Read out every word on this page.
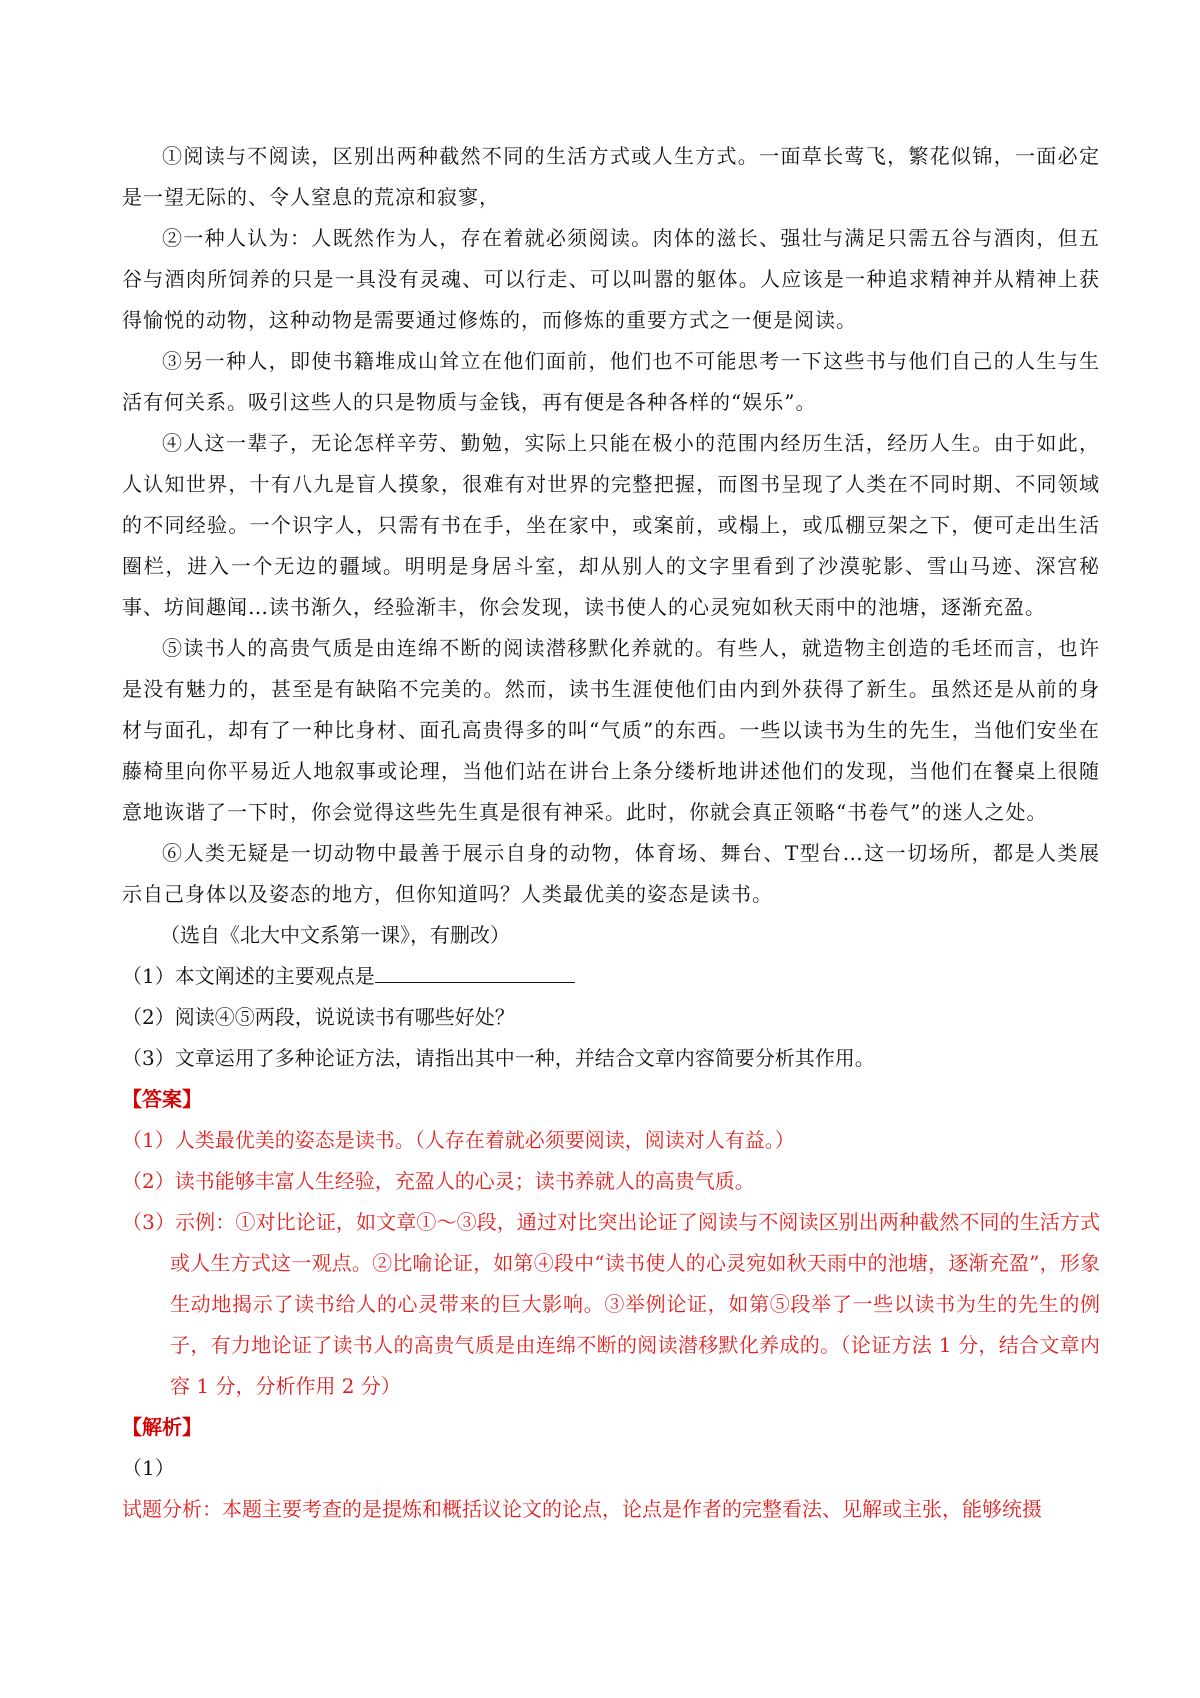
①阅读与不阅读，区别出两种截然不同的生活方式或人生方式。一面草长莺飞，繁花似锦，一面必定是一望无际的、令人窒息的荒凉和寂寥，

②一种人认为：人既然作为人，存在着就必须阅读。肉体的滋长、强壮与满足只需五谷与酒肉，但五谷与酒肉所饲养的只是一具没有灵魂、可以行走、可以叫嚣的躯体。人应该是一种追求精神并从精神上获得愉悦的动物，这种动物是需要通过修炼的，而修炼的重要方式之一便是阅读。

③另一种人，即使书籍堆成山耸立在他们面前，他们也不可能思考一下这些书与他们自己的人生与生活有何关系。吸引这些人的只是物质与金钱，再有便是各种各样的“娱乐”。

④人这一辈子，无论怎样辛劳、勤勉，实际上只能在极小的范围内经历生活，经历人生。由于如此，人认知世界，十有八九是盲人摸象，很难有对世界的完整把握，而图书呈现了人类在不同时期、不同领域的不同经验。一个识字人，只需有书在手，坐在家中，或案前，或榻上，或瓜棚豆架之下，便可走出生活圈栏，进入一个无边的疆域。明明是身居斗室，却从别人的文字里看到了沙漠驼影、雪山马迹、深宫秘事、坊间趣闻…读书渐久，经验渐丰，你会发现，读书使人的心灵宛如秋天雨中的池塘，逐渐充盈。

⑤读书人的高贵气质是由连绵不断的阅读潜移默化养就的。有些人，就造物主创造的毛坯而言，也许是没有魅力的，甚至是有缺陷不完美的。然而，读书生涯使他们由内到外获得了新生。虽然还是从前的身材与面孔，却有了一种比身材、面孔高贵得多的叫“气质”的东西。一些以读书为生的先生，当他们安坐在藤椅里向你平易近人地叙事或论理，当他们站在讲台上条分缕析地讲述他们的发现，当他们在餐桌上很随意地诙谐了一下时，你会觉得这些先生真是很有神采。此时，你就会真正领略“书卷气”的迷人之处。

⑥人类无疑是一切动物中最善于展示自身的动物，体育场、舞台、T型台…这一切场所，都是人类展示自己身体以及姿态的地方，但你知道吗？人类最优美的姿态是读书。

（选自《北大中文系第一课》，有删改）

（1）本文阐述的主要观点是

（2）阅读④⑤两段，说说读书有哪些好处？

（3）文章运用了多种论证方法，请指出其中一种，并结合文章内容简要分析其作用。

【答案】

（1）人类最优美的姿态是读书。（人存在着就必须要阅读，阅读对人有益。）

（2）读书能够丰富人生经验，充盈人的心灵；读书养就人的高贵气质。

（3）示例：①对比论证，如文章①～③段，通过对比突出论证了阅读与不阅读区别出两种截然不同的生活方式或人生方式这一观点。②比喻论证，如第④段中“读书使人的心灵宛如秋天雨中的池塘，逐渐充盈”，形象生动地揭示了读书给人的心灵带来的巨大影响。③举例论证，如第⑤段举了一些以读书为生的先生的例子，有力地论证了读书人的高贵气质是由连绵不断的阅读潜移默化养成的。（论证方法 1 分，结合文章内容 1 分，分析作用 2 分）

【解析】

（1）

试题分析：本题主要考查的是提炼和概括议论文的论点，论点是作者的完整看法、见解或主张，能够统摄
